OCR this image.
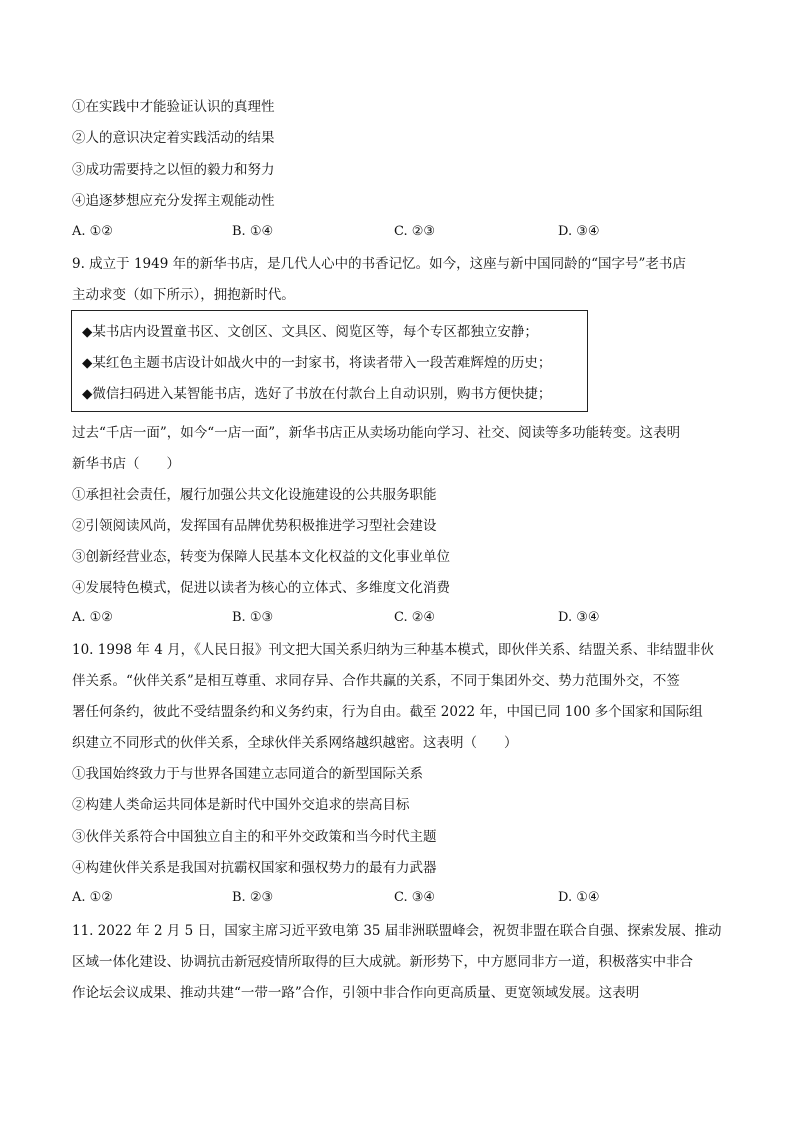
①在实践中才能验证认识的真理性
②人的意识决定着实践活动的结果
③成功需要持之以恒的毅力和努力
④追逐梦想应充分发挥主观能动性
A. ①②	B. ①④	C. ②③	D. ③④
9. 成立于 1949 年的新华书店，是几代人心中的书香记忆。如今，这座与新中国同龄的“国字号”老书店
主动求变（如下所示），拥抱新时代。
◆某书店内设置童书区、文创区、文具区、阅览区等，每个专区都独立安静；
◆某红色主题书店设计如战火中的一封家书，将读者带入一段苦难辉煌的历史；
◆微信扫码进入某智能书店，选好了书放在付款台上自动识别，购书方便快捷；
过去“千店一面”，如今“一店一面”，新华书店正从卖场功能向学习、社交、阅读等多功能转变。这表明
新华书店（　　）
①承担社会责任，履行加强公共文化设施建设的公共服务职能
②引领阅读风尚，发挥国有品牌优势积极推进学习型社会建设
③创新经营业态，转变为保障人民基本文化权益的文化事业单位
④发展特色模式，促进以读者为核心的立体式、多维度文化消费
A. ①②	B. ①③	C. ②④	D. ③④
10. 1998 年 4 月，《人民日报》刊文把大国关系归纳为三种基本模式，即伙伴关系、结盟关系、非结盟非伙
伴关系。“伙伴关系”是相互尊重、求同存异、合作共赢的关系，不同于集团外交、势力范围外交，不签
署任何条约，彼此不受结盟条约和义务约束，行为自由。截至 2022 年，中国已同 100 多个国家和国际组
织建立不同形式的伙伴关系，全球伙伴关系网络越织越密。这表明（　　）
①我国始终致力于与世界各国建立志同道合的新型国际关系
②构建人类命运共同体是新时代中国外交追求的崇高目标
③伙伴关系符合中国独立自主的和平外交政策和当今时代主题
④构建伙伴关系是我国对抗霸权国家和强权势力的最有力武器
A. ①②	B. ②③	C. ③④	D. ①④
11. 2022 年 2 月 5 日，国家主席习近平致电第 35 届非洲联盟峰会，祝贺非盟在联合自强、探索发展、推动
区域一体化建设、协调抗击新冠疫情所取得的巨大成就。新形势下，中方愿同非方一道，积极落实中非合
作论坛会议成果、推动共建“一带一路”合作，引领中非合作向更高质量、更宽领域发展。这表明
